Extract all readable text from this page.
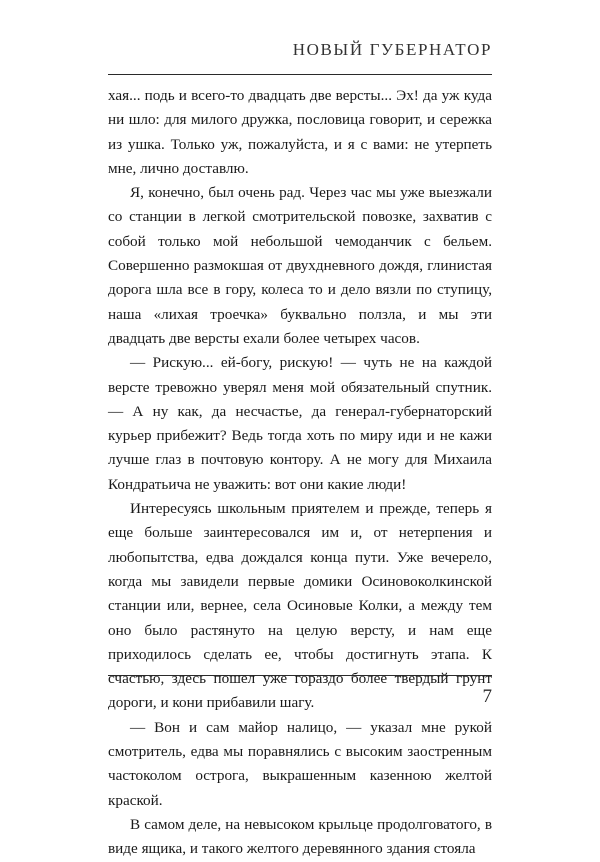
НОВЫЙ ГУБЕРНАТОР

хая... подь и всего-то двадцать две версты... Эх! да уж куда ни шло: для милого дружка, пословица говорит, и сережка из ушка. Только уж, пожалуйста, и я с вами: не утерпеть мне, лично доставлю.

Я, конечно, был очень рад. Через час мы уже выезжали со станции в легкой смотрительской повозке, захватив с собой только мой небольшой чемоданчик с бельем. Совершенно размокшая от двухдневного дождя, глинистая дорога шла все в гору, колеса то и дело вязли по ступицу, наша «лихая троечка» буквально ползла, и мы эти двадцать две версты ехали более четырех часов.

— Рискую... ей-богу, рискую! — чуть не на каждой версте тревожно уверял меня мой обязательный спутник. — А ну как, да несчастье, да генерал-губернаторский курьер прибежит? Ведь тогда хоть по миру иди и не кажи лучше глаз в почтовую контору. А не могу для Михаила Кондратьича не уважить: вот они какие люди!

Интересуясь школьным приятелем и прежде, теперь я еще больше заинтересовался им и, от нетерпения и любопытства, едва дождался конца пути. Уже вечерело, когда мы завидели первые домики Осиновоколкинской станции или, вернее, села Осиновые Колки, а между тем оно было растянуто на целую версту, и нам еще приходилось сделать ее, чтобы достигнуть этапа. К счастью, здесь пошел уже гораздо более твердый грунт дороги, и кони прибавили шагу.

— Вон и сам майор налицо, — указал мне рукой смотритель, едва мы поравнялись с высоким заостренным частоколом острога, выкрашенным казенною желтой краской.

В самом деле, на невысоком крыльце продолговатого, в виде ящика, и такого желтого деревянного здания стояла

7
